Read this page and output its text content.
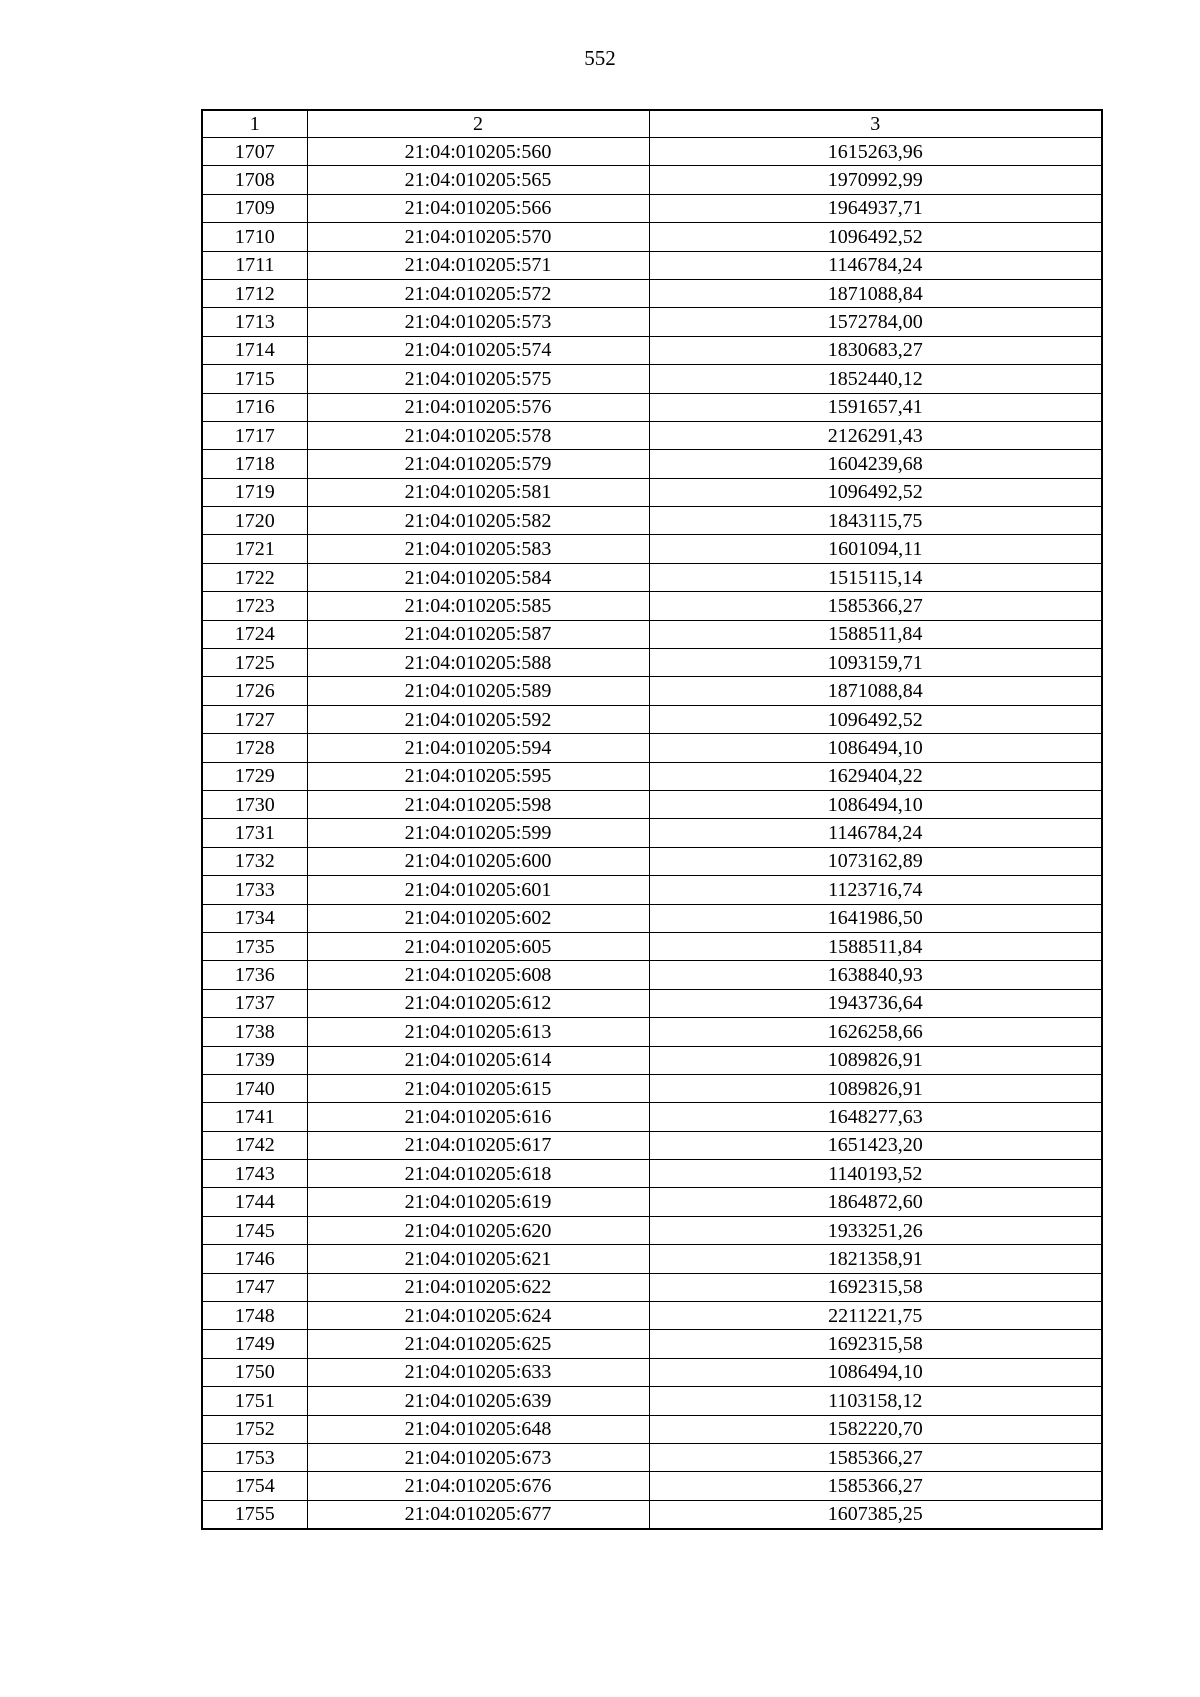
552
1	2	3
1707	21:04:010205:560	1615263,96
1708	21:04:010205:565	1970992,99
1709	21:04:010205:566	1964937,71
1710	21:04:010205:570	1096492,52
1711	21:04:010205:571	1146784,24
1712	21:04:010205:572	1871088,84
1713	21:04:010205:573	1572784,00
1714	21:04:010205:574	1830683,27
1715	21:04:010205:575	1852440,12
1716	21:04:010205:576	1591657,41
1717	21:04:010205:578	2126291,43
1718	21:04:010205:579	1604239,68
1719	21:04:010205:581	1096492,52
1720	21:04:010205:582	1843115,75
1721	21:04:010205:583	1601094,11
1722	21:04:010205:584	1515115,14
1723	21:04:010205:585	1585366,27
1724	21:04:010205:587	1588511,84
1725	21:04:010205:588	1093159,71
1726	21:04:010205:589	1871088,84
1727	21:04:010205:592	1096492,52
1728	21:04:010205:594	1086494,10
1729	21:04:010205:595	1629404,22
1730	21:04:010205:598	1086494,10
1731	21:04:010205:599	1146784,24
1732	21:04:010205:600	1073162,89
1733	21:04:010205:601	1123716,74
1734	21:04:010205:602	1641986,50
1735	21:04:010205:605	1588511,84
1736	21:04:010205:608	1638840,93
1737	21:04:010205:612	1943736,64
1738	21:04:010205:613	1626258,66
1739	21:04:010205:614	1089826,91
1740	21:04:010205:615	1089826,91
1741	21:04:010205:616	1648277,63
1742	21:04:010205:617	1651423,20
1743	21:04:010205:618	1140193,52
1744	21:04:010205:619	1864872,60
1745	21:04:010205:620	1933251,26
1746	21:04:010205:621	1821358,91
1747	21:04:010205:622	1692315,58
1748	21:04:010205:624	2211221,75
1749	21:04:010205:625	1692315,58
1750	21:04:010205:633	1086494,10
1751	21:04:010205:639	1103158,12
1752	21:04:010205:648	1582220,70
1753	21:04:010205:673	1585366,27
1754	21:04:010205:676	1585366,27
1755	21:04:010205:677	1607385,25
